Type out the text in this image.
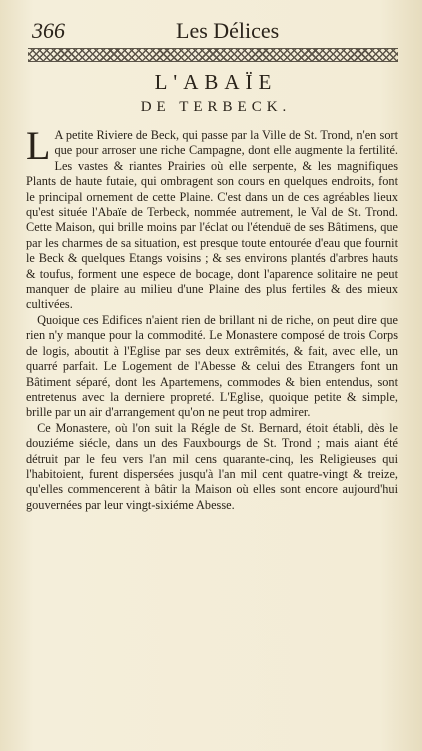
366	Les Délices
L'ABAÏE
DE TERBECK.

L A petite Riviere de Beck, qui passe par la Ville de St. Trond, n'en sort que pour arroser une riche Campagne, dont elle augmente la fertilité. Les vastes & riantes Prairies où elle serpente, & les magnifiques Plants de haute futaie, qui ombragent son cours en quelques endroits, font le principal ornement de cette Plaine. C'est dans un de ces agréables lieux qu'est située l'Abaïe de Terbeck, nommée autrement, le Val de St. Trond. Cette Maison, qui brille moins par l'éclat ou l'étenduë de ses Bâtimens, que par les charmes de sa situation, est presque toute entourée d'eau que fournit le Beck & quelques Etangs voisins ; & ses environs plantés d'arbres hauts & toufus, forment une espece de bocage, dont l'aparence solitaire ne peut manquer de plaire au milieu d'une Plaine des plus fertiles & des mieux cultivées.

Quoique ces Edifices n'aient rien de brillant ni de riche, on peut dire que rien n'y manque pour la commodité. Le Monastere composé de trois Corps de logis, aboutit à l'Eglise par ses deux extrêmités, & fait, avec elle, un quarré parfait. Le Logement de l'Abesse & celui des Etrangers font un Bâtiment séparé, dont les Apartemens, commodes & bien entendus, sont entretenus avec la derniere propreté. L'Eglise, quoique petite & simple, brille par un air d'arrangement qu'on ne peut trop admirer.

Ce Monastere, où l'on suit la Régle de St. Bernard, étoit établi, dès le douziéme siécle, dans un des Fauxbourgs de St. Trond ; mais aiant été détruit par le feu vers l'an mil cens quarante-cinq, les Religieuses qui l'habitoient, furent dispersées jusqu'à l'an mil cent quatre-vingt & treize, qu'elles commencerent à bâtir la Maison où elles sont encore aujourd'hui gouvernées par leur vingt-sixiéme Abesse.
